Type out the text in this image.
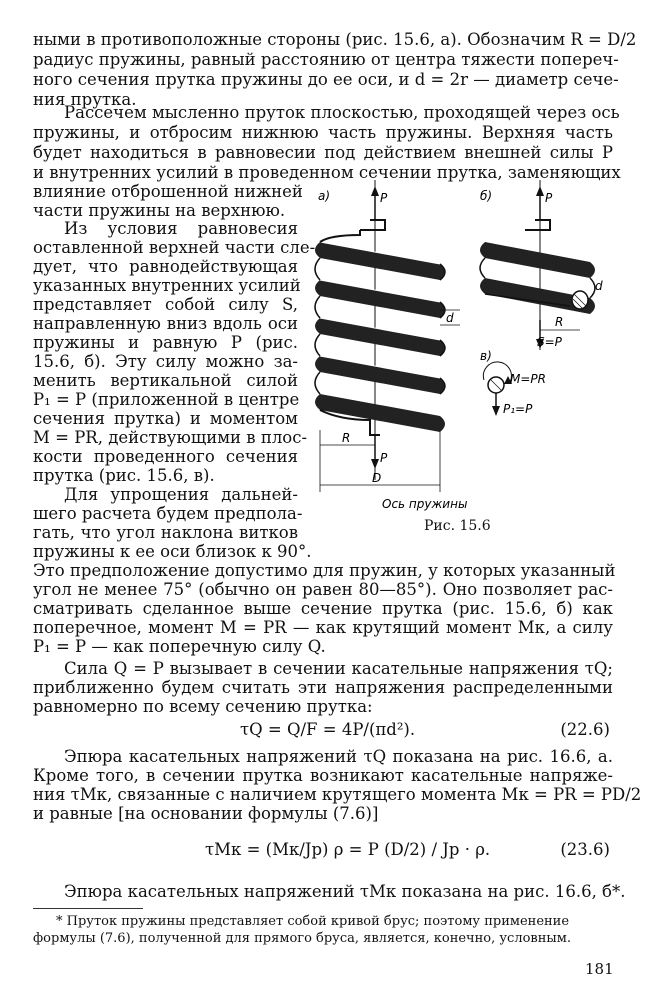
ными в противоположные стороны (рис. 15.6, а). Обозначим R = D/2
радиус пружины, равный расстоянию от центра тяжести попереч-
ного сечения прутка пружины до ее оси, и d = 2r — диаметр сече-
ния прутка.
Рассечем мысленно пруток плоскостью, проходящей через ось
пружины, и отбросим нижнюю часть пружины. Верхняя часть
будет находиться в равновесии под действием внешней силы P
и внутренних усилий в проведенном сечении прутка, заменяющих
влияние отброшенной нижней
части пружины на верхнюю.
Из условия равновесия
оставленной верхней части сле-
дует, что равнодействующая
указанных внутренних усилий
представляет собой силу S,
направленную вниз вдоль оси
пружины и равную P (рис.
15.6, б). Эту силу можно за-
менить вертикальной силой
P₁ = P (приложенной в центре
сечения прутка) и моментом
M = PR, действующими в плос-
кости проведенного сечения
прутка (рис. 15.6, в).
Для упрощения дальней-
шего расчета будем предпола-
гать, что угол наклона витков
пружины к ее оси близок к 90°.
Это предположение допустимо для пружин, у которых указанный
угол не менее 75° (обычно он равен 80—85°). Оно позволяет рас-
сматривать сделанное выше сечение прутка (рис. 15.6, б) как
поперечное, момент M = PR — как крутящий момент Mк, а силу
P₁ = P — как поперечную силу Q.
Сила Q = P вызывает в сечении касательные напряжения τQ;
приближенно будем считать эти напряжения распределенными
равномерно по всему сечению прутка:
τQ = Q/F = 4P/(πd²).	(22.6)
Эпюра касательных напряжений τQ показана на рис. 16.6, а.
Кроме того, в сечении прутка возникают касательные напряже-
ния τMк, связанные с наличием крутящего момента Mк = PR = PD/2
и равные [на основании формулы (7.6)]
τMк = (Mк/Jp) ρ = P (D/2) / Jp · ρ.	(23.6)
Эпюра касательных напряжений τMк показана на рис. 16.6, б*.
* Пруток пружины представляет собой кривой брус; поэтому применение
формулы (7.6), полученной для прямого бруса, является, конечно, условным.
181
а)	P
P
d
R
D
Ось пружины
б)	P
d
R
S=P
в)
M=PR
P₁=P
Рис. 15.6
